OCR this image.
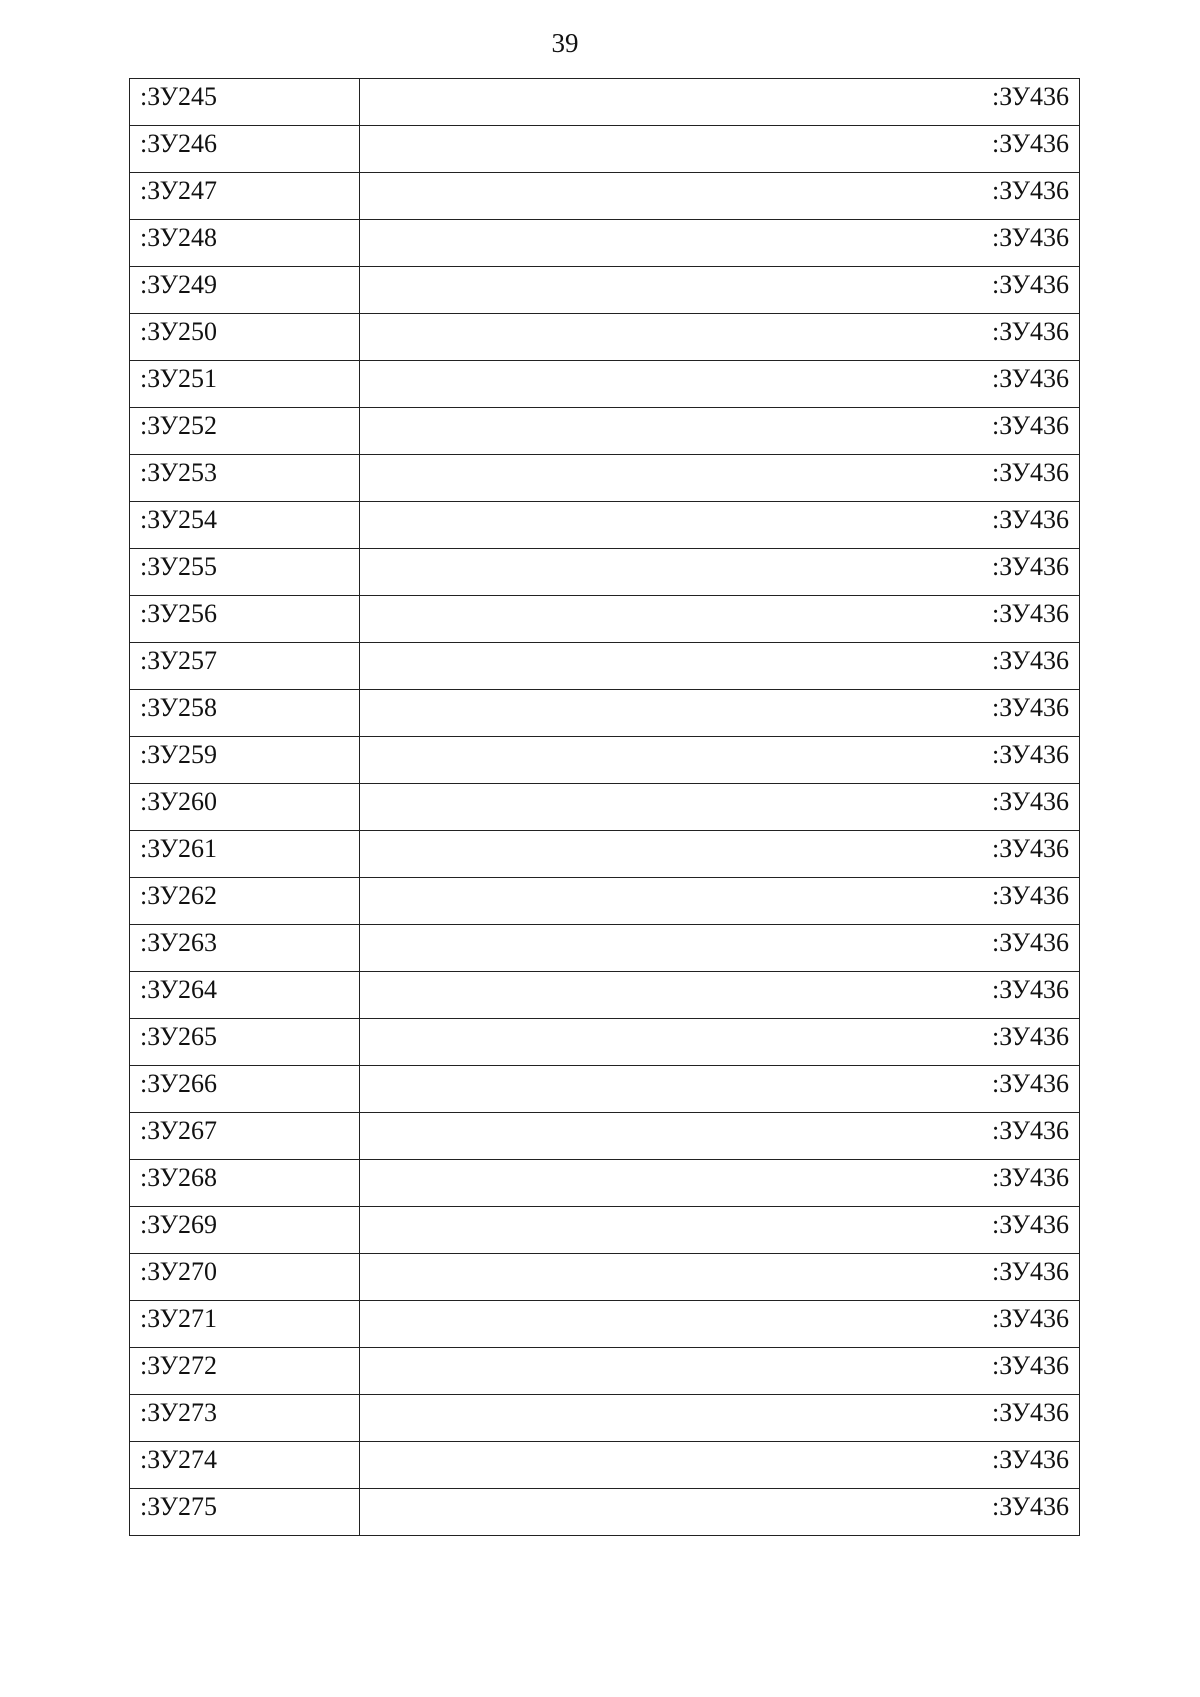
39
:ЗУ245	:ЗУ436
:ЗУ246	:ЗУ436
:ЗУ247	:ЗУ436
:ЗУ248	:ЗУ436
:ЗУ249	:ЗУ436
:ЗУ250	:ЗУ436
:ЗУ251	:ЗУ436
:ЗУ252	:ЗУ436
:ЗУ253	:ЗУ436
:ЗУ254	:ЗУ436
:ЗУ255	:ЗУ436
:ЗУ256	:ЗУ436
:ЗУ257	:ЗУ436
:ЗУ258	:ЗУ436
:ЗУ259	:ЗУ436
:ЗУ260	:ЗУ436
:ЗУ261	:ЗУ436
:ЗУ262	:ЗУ436
:ЗУ263	:ЗУ436
:ЗУ264	:ЗУ436
:ЗУ265	:ЗУ436
:ЗУ266	:ЗУ436
:ЗУ267	:ЗУ436
:ЗУ268	:ЗУ436
:ЗУ269	:ЗУ436
:ЗУ270	:ЗУ436
:ЗУ271	:ЗУ436
:ЗУ272	:ЗУ436
:ЗУ273	:ЗУ436
:ЗУ274	:ЗУ436
:ЗУ275	:ЗУ436
